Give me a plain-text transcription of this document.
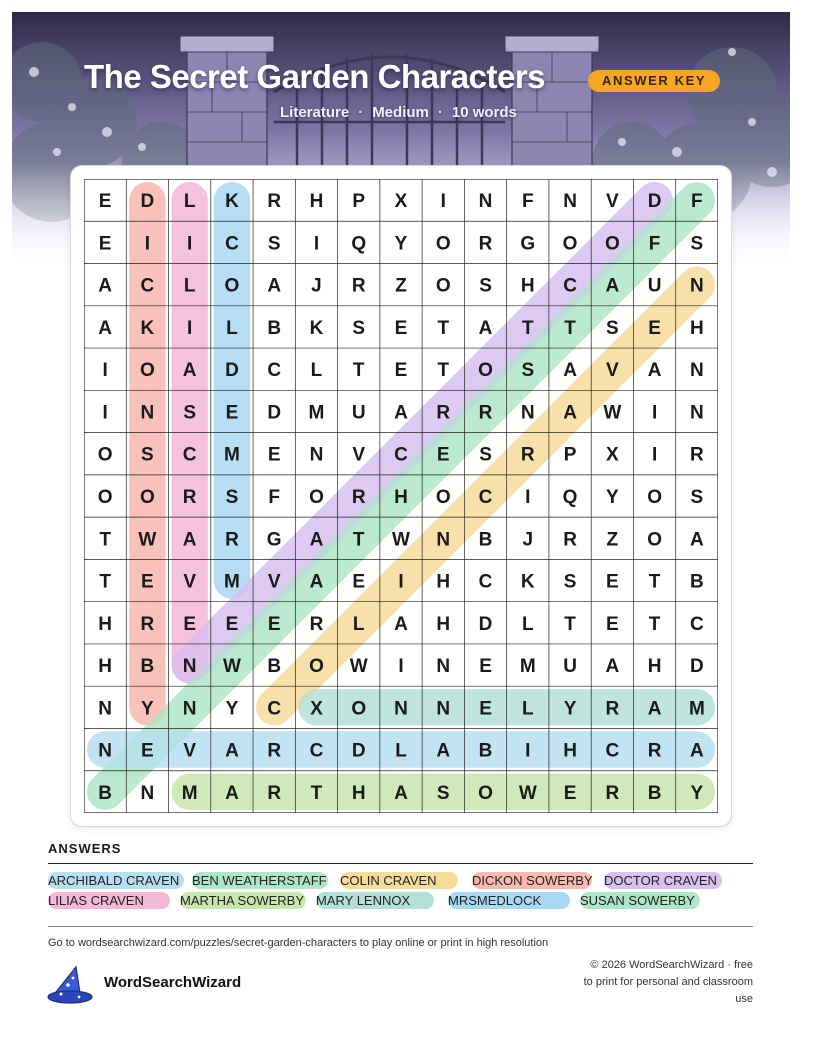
The Secret Garden Characters	ANSWER KEY
Literature · Medium · 10 words
E D L K R H P X I N F N V D F
E I I C S I Q Y O R G O O F S
A C L O A J R Z O S H C A U N
A K I L B K S E T A T T S E H
I O A D C L T E T O S A V A N
I N S E D M U A R R N A W I N
O S C M E N V C E S R P X I R
O O R S F O R H O C I Q Y O S
T W A R G A T W N B J R Z O A
T E V M V A E I H C K S E T B
H R E E E R L A H D L T E T C
H B N W B O W I N E M U A H D
N Y N Y C X O N N E L Y R A M
N E V A R C D L A B I H C R A
B N M A R T H A S O W E R B Y
ANSWERS
ARCHIBALD CRAVEN BEN WEATHERSTAFF COLIN CRAVEN	DICKON SOWERBY DOCTOR CRAVEN
LILIAS CRAVEN	MARTHA SOWERBY MARY LENNOX	MRSMEDLOCK	SUSAN SOWERBY
Go to wordsearchwizard.com/puzzles/secret-garden-characters to play online or print in high resolution
WordSearchWizard
© 2026 WordSearchWizard · free to print for personal and classroom use
